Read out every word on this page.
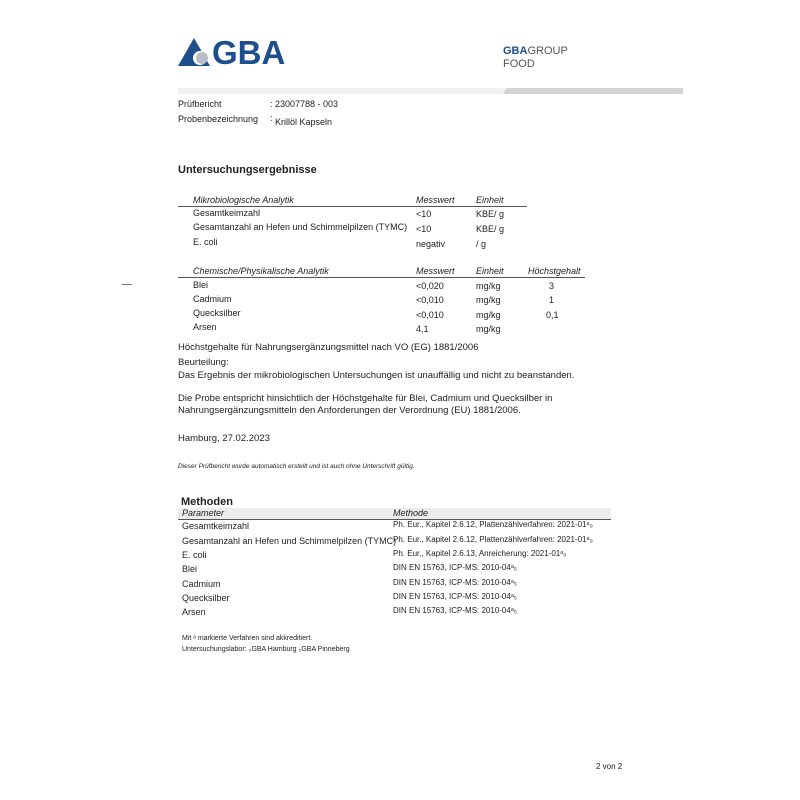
GBA	GBAGROUP
FOOD
Prüfbericht	: 23007788 - 003
Probenbezeichnung : Krillöl Kapseln
Untersuchungsergebnisse
Mikrobiologische Analytik	Messwert Einheit
Gesamtkeimzahl	<10	KBE/ g
Gesamtanzahl an Hefen und Schimmelpilzen (TYMC) <10	KBE/ g
E. coli	negativ	/ g
Chemische/Physikalische Analytik	Messwert Einheit	Höchstgehalt
Blei	<0,020	mg/kg	3
Cadmium	<0,010	mg/kg	1
Quecksilber	<0,010	mg/kg	0,1
Arsen	4,1	mg/kg
Höchstgehalte für Nahrungsergänzungsmittel nach VO (EG) 1881/2006
Beurteilung:
Das Ergebnis der mikrobiologischen Untersuchungen ist unauffällig und nicht zu beanstanden.
Die Probe entspricht hinsichtlich der Höchstgehalte für Blei, Cadmium und Quecksilber in
Nahrungsergänzungsmitteln den Anforderungen der Verordnung (EU) 1881/2006.
Hamburg, 27.02.2023
Dieser Prüfbericht wurde automatisch erstellt und ist auch ohne Unterschrift gültig.
Methoden
Parameter	Methode
Gesamtkeimzahl	Ph. Eur., Kapitel 2.6.12, Plattenzählverfahren: 2021-01ᵃ₀
Gesamtanzahl an Hefen und Schimmelpilzen (TYMC)
Ph. Eur., Kapitel 2.6.12, Plattenzählverfahren: 2021-01ᵃ₀
E. coli	Ph. Eur., Kapitel 2.6.13, Anreicherung: 2021-01ᵃ₀
Blei	DIN EN 15763, ICP-MS: 2010-04ᵃ₅
Cadmium	DIN EN 15763, ICP-MS: 2010-04ᵃ₅
Quecksilber	DIN EN 15763, ICP-MS: 2010-04ᵃ₅
Arsen	DIN EN 15763, ICP-MS: 2010-04ᵃ₅
Mit ᵃ markierte Verfahren sind akkreditiert.
Untersuchungslabor: ₀GBA Hamburg ₅GBA Pinneberg
2 von 2
